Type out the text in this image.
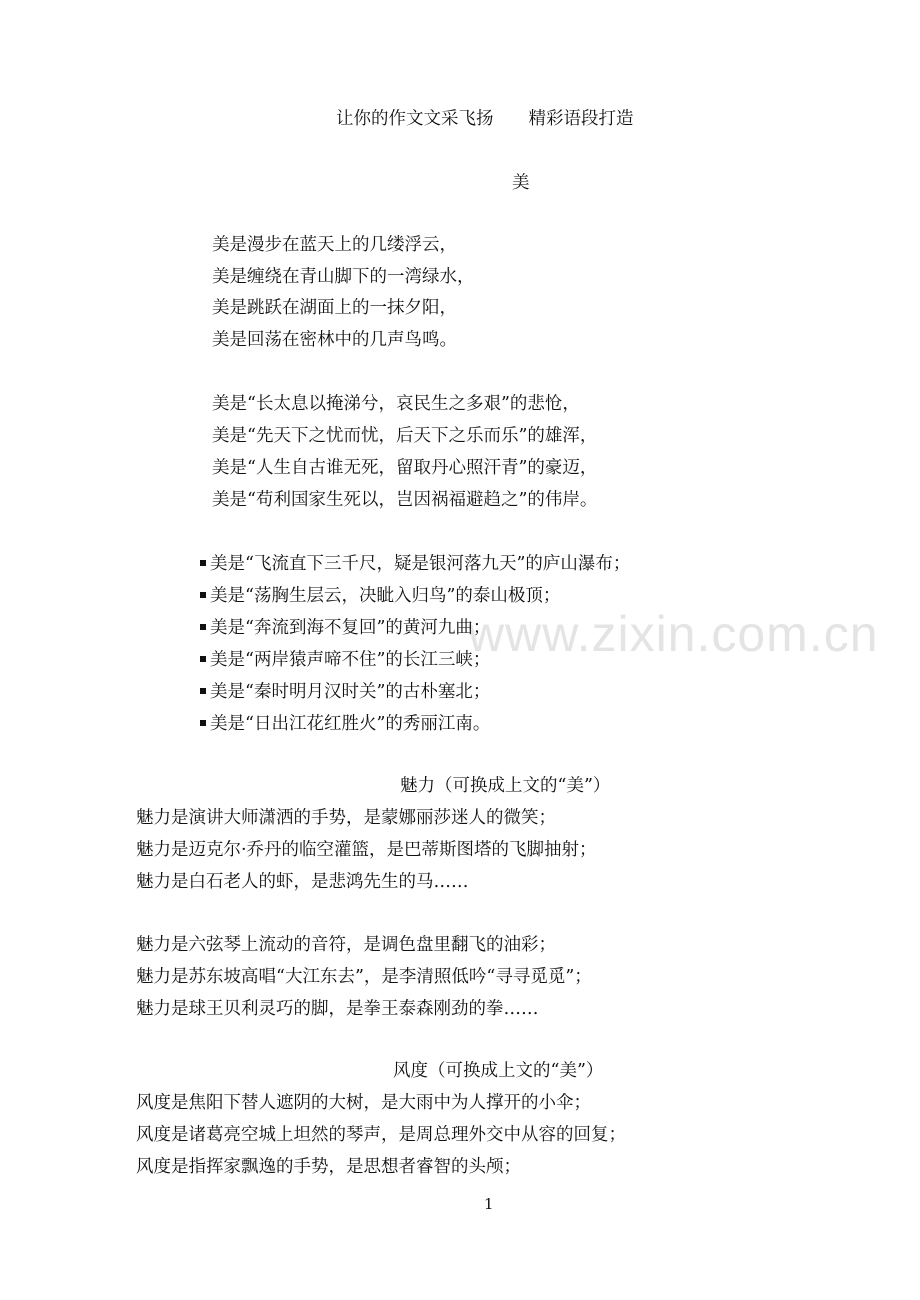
www.zixin.com.cn
让你的作文文采飞扬　　精彩语段打造
美
美是漫步在蓝天上的几缕浮云，
美是缠绕在青山脚下的一湾绿水，
美是跳跃在湖面上的一抹夕阳，
美是回荡在密林中的几声鸟鸣。
美是“长太息以掩涕兮，哀民生之多艰”的悲怆，
美是“先天下之忧而忧，后天下之乐而乐”的雄浑，
美是“人生自古谁无死，留取丹心照汗青”的豪迈，
美是“苟利国家生死以，岂因祸福避趋之”的伟岸。
美是“飞流直下三千尺，疑是银河落九天”的庐山瀑布；
美是“荡胸生层云，决眦入归鸟”的泰山极顶；
美是“奔流到海不复回”的黄河九曲；
美是“两岸猿声啼不住”的长江三峡；
美是“秦时明月汉时关”的古朴塞北；
美是“日出江花红胜火”的秀丽江南。
魅力（可换成上文的“美”）
魅力是演讲大师潇洒的手势，是蒙娜丽莎迷人的微笑；
魅力是迈克尔·乔丹的临空灌篮，是巴蒂斯图塔的飞脚抽射；
魅力是白石老人的虾，是悲鸿先生的马……
魅力是六弦琴上流动的音符，是调色盘里翻飞的油彩；
魅力是苏东坡高唱“大江东去”，是李清照低吟“寻寻觅觅”；
魅力是球王贝利灵巧的脚，是拳王泰森刚劲的拳……
风度（可换成上文的“美”）
风度是焦阳下替人遮阴的大树，是大雨中为人撑开的小伞；
风度是诸葛亮空城上坦然的琴声，是周总理外交中从容的回复；
风度是指挥家飘逸的手势，是思想者睿智的头颅；
1
